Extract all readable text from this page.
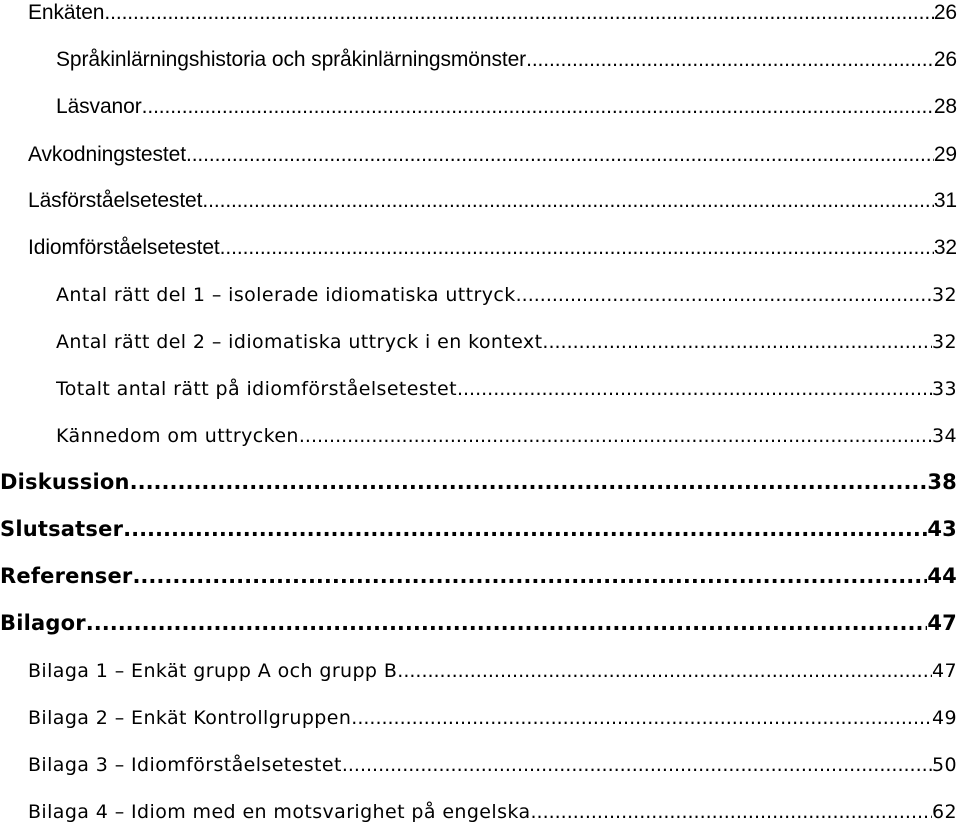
Enkäten .....	26
Språkinlärningshistoria och språkinlärningsmönster .....	26
Läsvanor .....	28
Avkodningstestet .....	29
Läsförståelsetestet .....	31
Idiomförståelsetestet .....	32
Antal rätt del 1 – isolerade idiomatiska uttryck .....	32
Antal rätt del 2 – idiomatiska uttryck i en kontext .....	32
Totalt antal rätt på idiomförståelsetestet .....	33
Kännedom om uttrycken .....	34
Diskussion .....	38
Slutsatser .....	43
Referenser .....	44
Bilagor .....	47
Bilaga 1 – Enkät grupp A och grupp B .....	47
Bilaga 2 – Enkät Kontrollgruppen .....	49
Bilaga 3 – Idiomförståelsetestet .....	50
Bilaga 4 – Idiom med en motsvarighet på engelska .....	62
